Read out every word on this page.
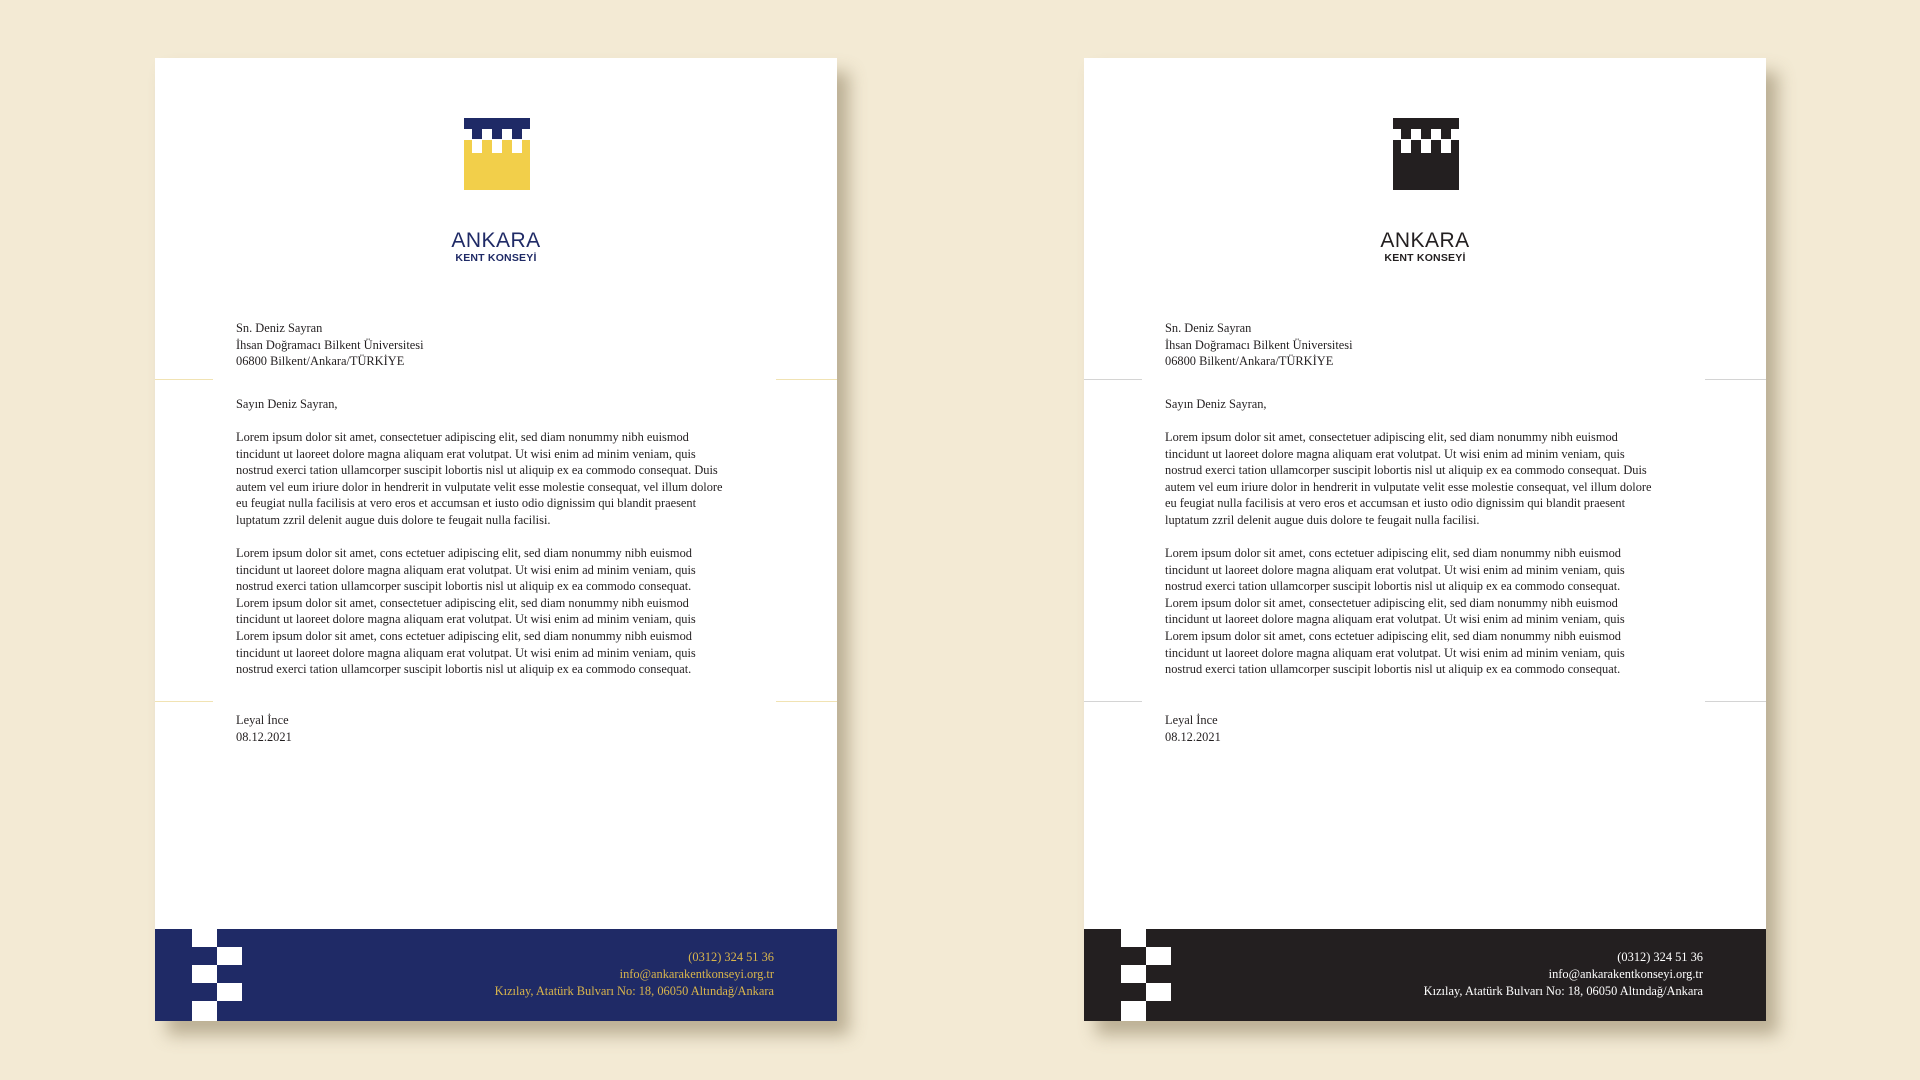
ANKARA
KENT KONSEYİ

Sn. Deniz Sayran
İhsan Doğramacı Bilkent Üniversitesi
06800 Bilkent/Ankara/TÜRKİYE

Sayın Deniz Sayran,

Lorem ipsum dolor sit amet, consectetuer adipiscing elit, sed diam nonummy nibh euismod
tincidunt ut laoreet dolore magna aliquam erat volutpat. Ut wisi enim ad minim veniam, quis
nostrud exerci tation ullamcorper suscipit lobortis nisl ut aliquip ex ea commodo consequat. Duis
autem vel eum iriure dolor in hendrerit in vulputate velit esse molestie consequat, vel illum dolore
eu feugiat nulla facilisis at vero eros et accumsan et iusto odio dignissim qui blandit praesent
luptatum zzril delenit augue duis dolore te feugait nulla facilisi.

Lorem ipsum dolor sit amet, cons ectetuer adipiscing elit, sed diam nonummy nibh euismod
tincidunt ut laoreet dolore magna aliquam erat volutpat. Ut wisi enim ad minim veniam, quis
nostrud exerci tation ullamcorper suscipit lobortis nisl ut aliquip ex ea commodo consequat.
Lorem ipsum dolor sit amet, consectetuer adipiscing elit, sed diam nonummy nibh euismod
tincidunt ut laoreet dolore magna aliquam erat volutpat. Ut wisi enim ad minim veniam, quis
Lorem ipsum dolor sit amet, cons ectetuer adipiscing elit, sed diam nonummy nibh euismod
tincidunt ut laoreet dolore magna aliquam erat volutpat. Ut wisi enim ad minim veniam, quis
nostrud exerci tation ullamcorper suscipit lobortis nisl ut aliquip ex ea commodo consequat.

Leyal İnce
08.12.2021

(0312) 324 51 36
info@ankarakentkonseyi.org.tr
Kızılay, Atatürk Bulvarı No: 18, 06050 Altındağ/Ankara
ANKARA
KENT KONSEYİ

Sn. Deniz Sayran
İhsan Doğramacı Bilkent Üniversitesi
06800 Bilkent/Ankara/TÜRKİYE

Sayın Deniz Sayran,

Lorem ipsum dolor sit amet, consectetuer adipiscing elit, sed diam nonummy nibh euismod
tincidunt ut laoreet dolore magna aliquam erat volutpat. Ut wisi enim ad minim veniam, quis
nostrud exerci tation ullamcorper suscipit lobortis nisl ut aliquip ex ea commodo consequat. Duis
autem vel eum iriure dolor in hendrerit in vulputate velit esse molestie consequat, vel illum dolore
eu feugiat nulla facilisis at vero eros et accumsan et iusto odio dignissim qui blandit praesent
luptatum zzril delenit augue duis dolore te feugait nulla facilisi.

Lorem ipsum dolor sit amet, cons ectetuer adipiscing elit, sed diam nonummy nibh euismod
tincidunt ut laoreet dolore magna aliquam erat volutpat. Ut wisi enim ad minim veniam, quis
nostrud exerci tation ullamcorper suscipit lobortis nisl ut aliquip ex ea commodo consequat.
Lorem ipsum dolor sit amet, consectetuer adipiscing elit, sed diam nonummy nibh euismod
tincidunt ut laoreet dolore magna aliquam erat volutpat. Ut wisi enim ad minim veniam, quis
Lorem ipsum dolor sit amet, cons ectetuer adipiscing elit, sed diam nonummy nibh euismod
tincidunt ut laoreet dolore magna aliquam erat volutpat. Ut wisi enim ad minim veniam, quis
nostrud exerci tation ullamcorper suscipit lobortis nisl ut aliquip ex ea commodo consequat.

Leyal İnce
08.12.2021

(0312) 324 51 36
info@ankarakentkonseyi.org.tr
Kızılay, Atatürk Bulvarı No: 18, 06050 Altındağ/Ankara
